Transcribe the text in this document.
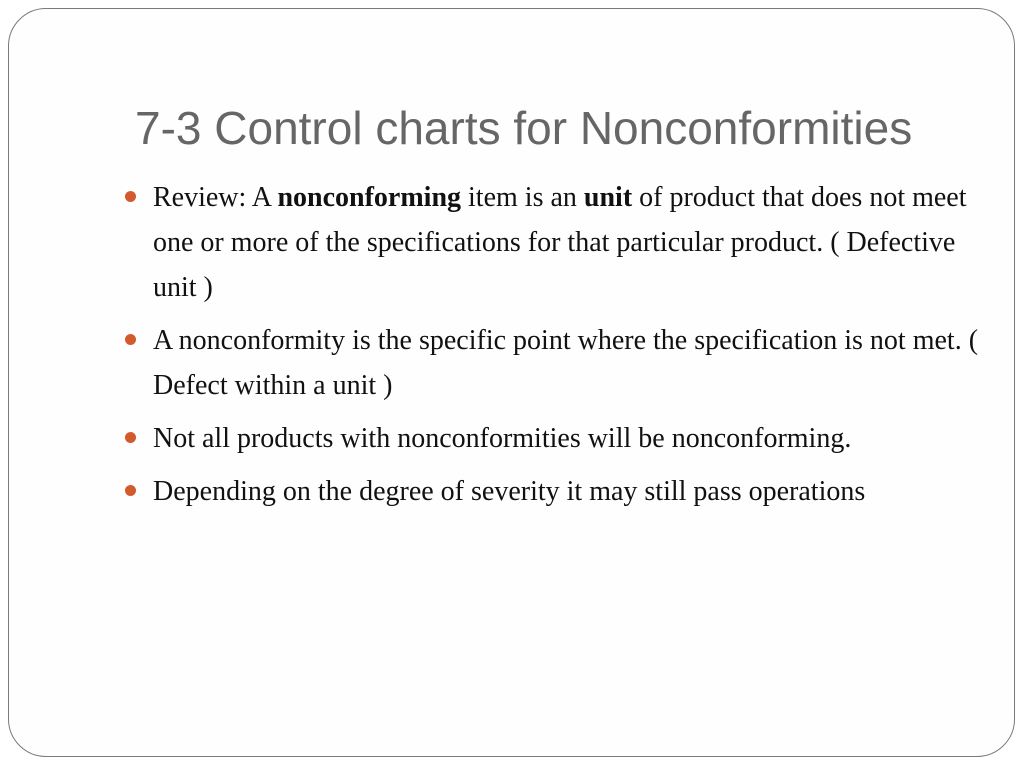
7-3 Control charts for Nonconformities
Review: A nonconforming item is an unit of product that does not meet one or more of the specifications for that particular product. ( Defective unit )
A nonconformity is the specific point where the specification is not met. ( Defect within a unit )
Not all products with nonconformities will be nonconforming.
Depending on the degree of severity it may still pass operations
